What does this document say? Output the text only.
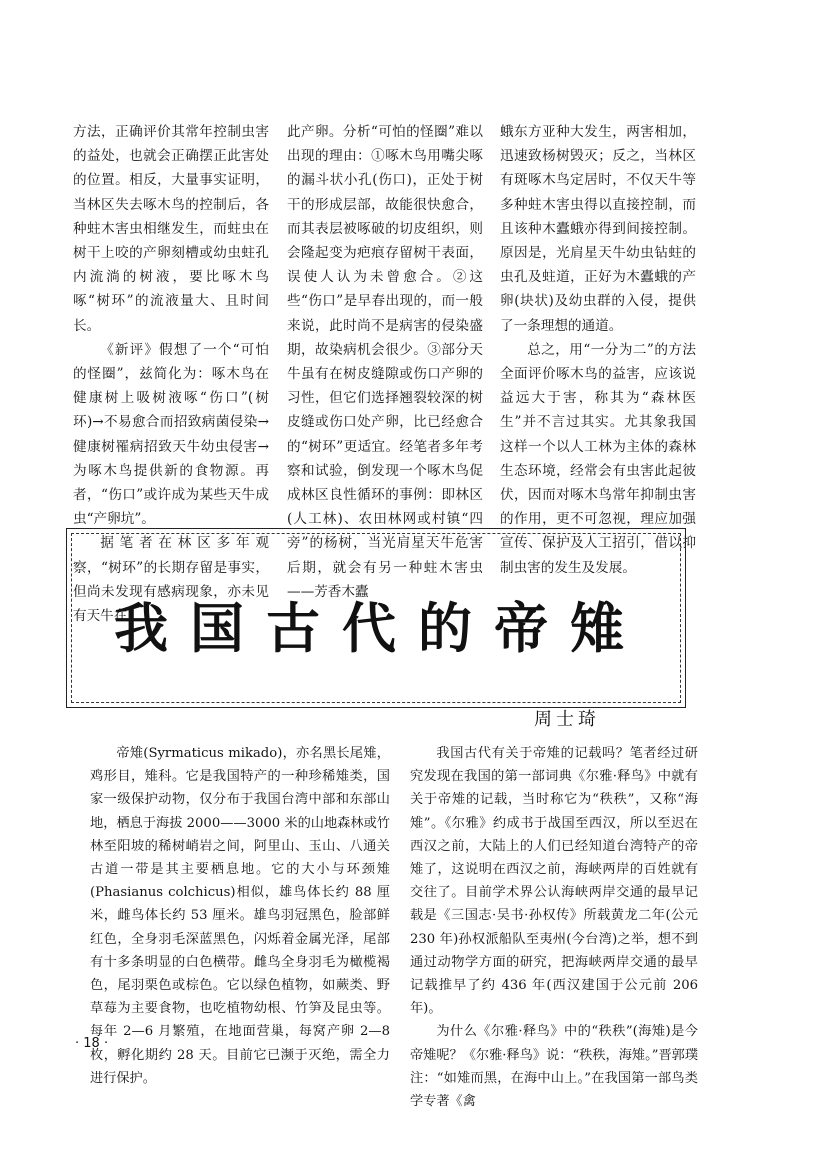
方法，正确评价其常年控制虫害的益处，也就会正确摆正此害处的位置。相反，大量事实证明，当林区失去啄木鸟的控制后，各种蛀木害虫相继发生，而蛀虫在树干上咬的产卵刻槽或幼虫蛀孔内流淌的树液，要比啄木鸟啄“树环”的流液量大、且时间长。

《新评》假想了一个“可怕的怪圈”，兹简化为：啄木鸟在健康树上吸树液啄“伤口”(树环)→不易愈合而招致病菌侵染→健康树罹病招致天牛幼虫侵害→为啄木鸟提供新的食物源。再者，“伤口”或许成为某些天牛成虫“产卵坑”。

据笔者在林区多年观察，“树环”的长期存留是事实，但尚未发现有感病现象，亦未见有天牛在

此产卵。分析“可怕的怪圈”难以出现的理由：①啄木鸟用嘴尖啄的漏斗状小孔(伤口)，正处于树干的形成层部，故能很快愈合，而其表层被啄破的切皮组织，则会隆起变为疤痕存留树干表面，误使人认为未曾愈合。②这些“伤口”是早春出现的，而一般来说，此时尚不是病害的侵染盛期，故染病机会很少。③部分天牛虽有在树皮缝隙或伤口产卵的习性，但它们选择翘裂较深的树皮缝或伤口处产卵，比已经愈合的“树环”更适宜。经笔者多年考察和试验，倒发现一个啄木鸟促成林区良性循环的事例：即林区(人工林)、农田林网或村镇“四旁”的杨树，当光肩星天牛危害后期，就会有另一种蛀木害虫——芳香木蠹

蛾东方亚种大发生，两害相加，迅速致杨树毁灭；反之，当林区有斑啄木鸟定居时，不仅天牛等多种蛀木害虫得以直接控制，而且该种木蠹蛾亦得到间接控制。原因是，光肩星天牛幼虫钻蛀的虫孔及蛀道，正好为木蠹蛾的产卵(块状)及幼虫群的入侵，提供了一条理想的通道。

总之，用“一分为二”的方法全面评价啄木鸟的益害，应该说益远大于害，称其为“森林医生”并不言过其实。尤其象我国这样一个以人工林为主体的森林生态环境，经常会有虫害此起彼伏，因而对啄木鸟常年抑制虫害的作用，更不可忽视，理应加强宣传、保护及人工招引，借以抑制虫害的发生及发展。

我国古代的帝雉
周士琦

帝雉(Syrmaticus mikado)，亦名黑长尾雉，鸡形目，雉科。它是我国特产的一种珍稀雉类，国家一级保护动物，仅分布于我国台湾中部和东部山地，栖息于海拔 2000——3000 米的山地森林或竹林至阳坡的稀树峭岩之间，阿里山、玉山、八通关古道一带是其主要栖息地。它的大小与环颈雉(Phasianus colchicus)相似，雄鸟体长约 88 厘米，雌鸟体长约 53 厘米。雄鸟羽冠黑色，脸部鲜红色，全身羽毛深蓝黑色，闪烁着金属光泽，尾部有十多条明显的白色横带。雌鸟全身羽毛为橄榄褐色，尾羽栗色或棕色。它以绿色植物，如蕨类、野草莓为主要食物，也吃植物幼根、竹笋及昆虫等。每年 2—6 月繁殖，在地面营巢，每窝产卵 2—8 枚，孵化期约 28 天。目前它已濒于灭绝，需全力进行保护。

我国古代有关于帝雉的记载吗？笔者经过研究发现在我国的第一部词典《尔雅·释鸟》中就有关于帝雉的记载，当时称它为“秩秩”，又称“海雉”。《尔雅》约成书于战国至西汉，所以至迟在西汉之前，大陆上的人们已经知道台湾特产的帝雉了，这说明在西汉之前，海峡两岸的百姓就有交往了。目前学术界公认海峡两岸交通的最早记载是《三国志·吴书·孙权传》所载黄龙二年(公元 230 年)孙权派船队至夷州(今台湾)之举，想不到通过动物学方面的研究，把海峡两岸交通的最早记载推早了约 436 年(西汉建国于公元前 206 年)。

为什么《尔雅·释鸟》中的“秩秩”(海雉)是今帝雉呢？《尔雅·释鸟》说：“秩秩，海雉。”晋郭璞注：“如雉而黑，在海中山上。”在我国第一部鸟类学专著《禽

· 18 ·
